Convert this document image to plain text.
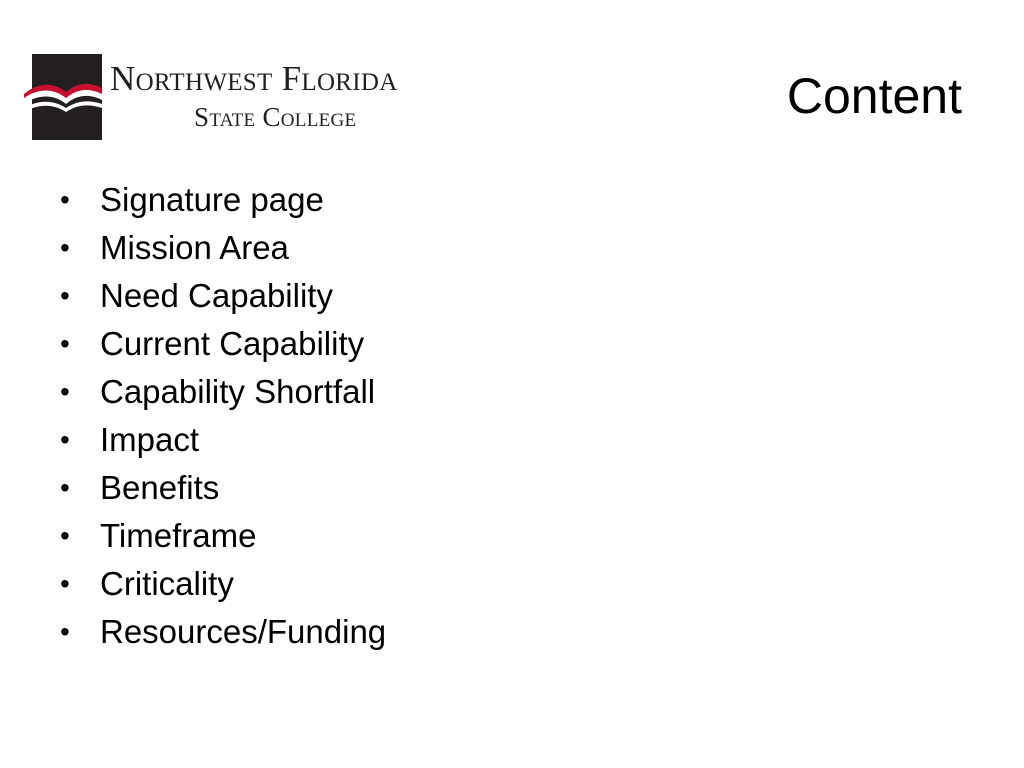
Northwest Florida
State College	Content
• Signature page
• Mission Area
• Need Capability
• Current Capability
• Capability Shortfall
• Impact
• Benefits
• Timeframe
• Criticality
• Resources/Funding
